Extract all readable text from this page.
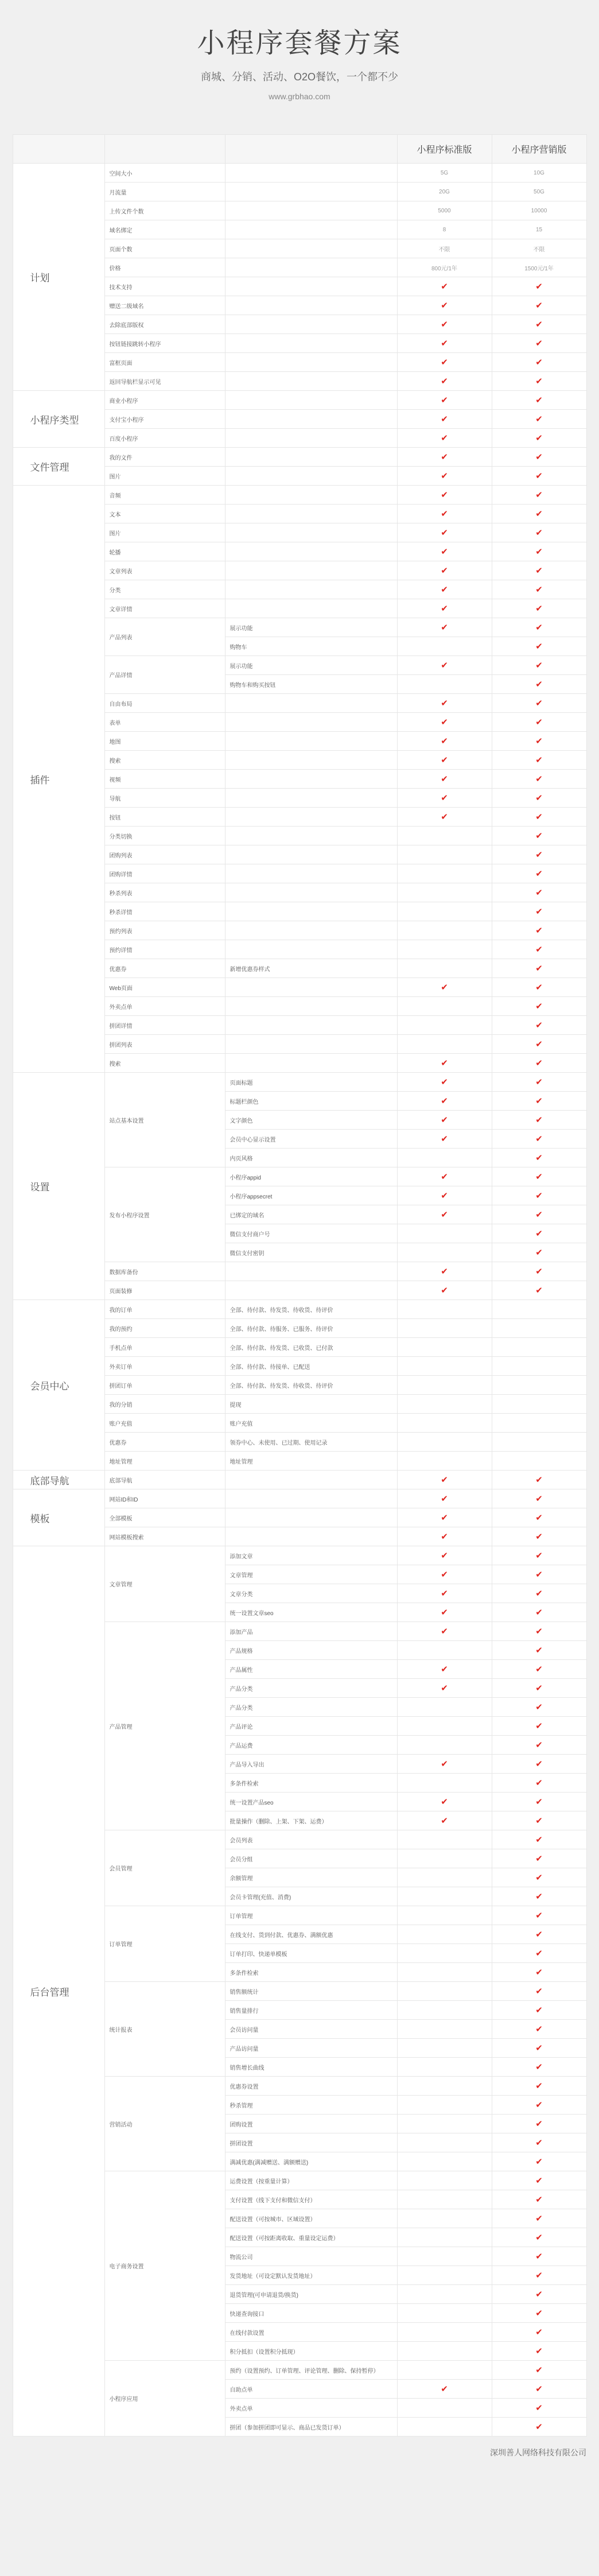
小程序套餐方案
商城、分销、活动、O2O餐饮，一个都不少
www.grbhao.com
			小程序标准版	小程序营销版
计划	空间大小		5G	10G
	月流量		20G	50G
	上传文件个数		5000	10000
	域名绑定		8	15
	页面个数		不限	不限
	价格		800元/1年	1500元/1年
	技术支持		✔	✔
	赠送二级域名		✔	✔
	去除底部版权		✔	✔
	按钮链接跳转小程序		✔	✔
	富框页面		✔	✔
	返回导航栏显示可见		✔	✔
小程序类型	商业小程序		✔	✔
	支付宝小程序		✔	✔
	百度小程序		✔	✔
文件管理	我的文件		✔	✔
	图片		✔	✔
插件	音频		✔	✔
	文本		✔	✔
	图片		✔	✔
	轮播		✔	✔
	文章列表		✔	✔
	分类		✔	✔
	文章详情		✔	✔
	产品列表	展示功能	✔	✔
		购物车		✔
	产品详情	展示功能	✔	✔
		购物车和购买按钮		✔
	自由布局		✔	✔
	表单		✔	✔
	地图		✔	✔
	搜索		✔	✔
	视频		✔	✔
	导航		✔	✔
	按钮		✔	✔
	分类切换			✔
	团购列表			✔
	团购详情			✔
	秒杀列表			✔
	秒杀详情			✔
	预约列表			✔
	预约详情			✔
	优惠券	新增优惠券样式		✔
	Web页面		✔	✔
	外卖点单			✔
	拼团详情			✔
	拼团列表			✔
	搜索		✔	✔
设置	站点基本设置	页面标题	✔	✔
		标题栏颜色	✔	✔
		文字颜色	✔	✔
		会员中心显示设置	✔	✔
		内页风格		✔
	发布小程序设置	小程序appid	✔	✔
		小程序appsecret	✔	✔
		已绑定的域名	✔	✔
		微信支付商户号		✔
		微信支付密钥		✔
	数据库备份		✔	✔
	页面装修		✔	✔
会员中心	我的订单	全部、待付款、待发货、待收货、待评价		
	我的预约	全部、待付款、待服务、已服务、待评价		
	手机点单	全部、待付款、待发货、已收货、已付款		
	外卖订单	全部、待付款、待接单、已配送		
	拼团订单	全部、待付款、待发货、待收货、待评价		
	我的分销	提现		
	账户充值	账户充值		
	优惠券	领券中心、未使用、已过期、使用记录		
	地址管理	地址管理		
底部导航	底部导航		✔	✔
模板	网站ID和ID		✔	✔
	全部模板		✔	✔
	网站模板搜索		✔	✔
后台管理	文章管理	添加文章	✔	✔
		文章管理	✔	✔
		文章分类	✔	✔
		统一设置文章seo	✔	✔
	产品管理	添加产品	✔	✔
		产品规格		✔
		产品属性	✔	✔
		产品分类	✔	✔
		产品分类		✔
		产品评论		✔
		产品运费		✔
		产品导入导出	✔	✔
		多条件检索		✔
		统一设置产品seo	✔	✔
		批量操作（删除、上架、下架、运费）	✔	✔
	会员管理	会员列表		✔
		会员分组		✔
		余额管理		✔
		会员卡管理(充值、消费)		✔
	订单管理	订单管理		✔
		在线支付、货到付款、优惠券、满额优惠		✔
		订单打印、快递单模板		✔
		多条件检索		✔
	统计报表	销售额统计		✔
		销售量排行		✔
		会员访问量		✔
		产品访问量		✔
		销售增长曲线		✔
	营销活动	优惠券设置		✔
		秒杀管理		✔
		团购设置		✔
		拼团设置		✔
		满减优惠(满减赠送、满额赠送)		✔
	电子商务设置	运费设置（按重量计算）		✔
		支付设置（线下支付和微信支付）		✔
		配送设置（可按城市、区域设置）		✔
		配送设置（可按距离收取、重量设定运费）		✔
		物流公司		✔
		发货地址（可设定默认发货地址）		✔
		退货管理(可申请退货/换货)		✔
		快递查询接口		✔
		在线付款设置		✔
		积分抵扣（设置积分抵现）		✔
	小程序应用	预约（设置预约、订单管理、评论管理、删除、保持暂停）		✔
		自助点单	✔	✔
		外卖点单		✔
		拼团（参加拼团即可显示、商品已发货订单）		✔
深圳善人网络科技有限公司
